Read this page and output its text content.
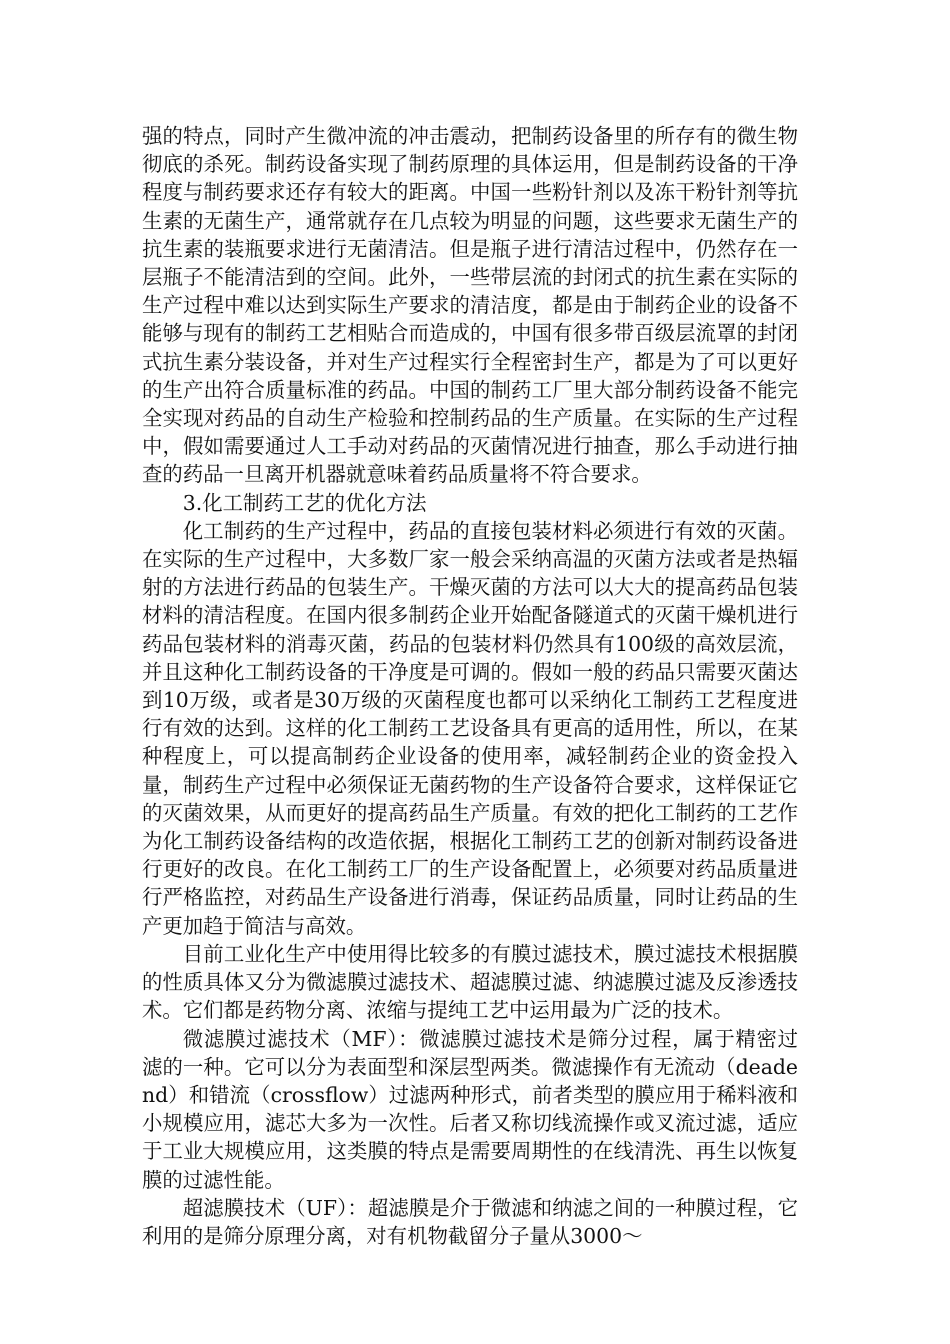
强的特点，同时产生微冲流的冲击震动，把制药设备里的所存有的微生物彻底的杀死。制药设备实现了制药原理的具体运用，但是制药设备的干净程度与制药要求还存有较大的距离。中国一些粉针剂以及冻干粉针剂等抗生素的无菌生产，通常就存在几点较为明显的问题，这些要求无菌生产的抗生素的装瓶要求进行无菌清洁。但是瓶子进行清洁过程中，仍然存在一层瓶子不能清洁到的空间。此外，一些带层流的封闭式的抗生素在实际的生产过程中难以达到实际生产要求的清洁度，都是由于制药企业的设备不能够与现有的制药工艺相贴合而造成的，中国有很多带百级层流罩的封闭式抗生素分装设备，并对生产过程实行全程密封生产，都是为了可以更好的生产出符合质量标准的药品。中国的制药工厂里大部分制药设备不能完全实现对药品的自动生产检验和控制药品的生产质量。在实际的生产过程中，假如需要通过人工手动对药品的灭菌情况进行抽查，那么手动进行抽查的药品一旦离开机器就意味着药品质量将不符合要求。

3.化工制药工艺的优化方法

化工制药的生产过程中，药品的直接包装材料必须进行有效的灭菌。在实际的生产过程中，大多数厂家一般会采纳高温的灭菌方法或者是热辐射的方法进行药品的包装生产。干燥灭菌的方法可以大大的提高药品包装材料的清洁程度。在国内很多制药企业开始配备隧道式的灭菌干燥机进行药品包装材料的消毒灭菌，药品的包装材料仍然具有100级的高效层流，并且这种化工制药设备的干净度是可调的。假如一般的药品只需要灭菌达到10万级，或者是30万级的灭菌程度也都可以采纳化工制药工艺程度进行有效的达到。这样的化工制药工艺设备具有更高的适用性，所以，在某种程度上，可以提高制药企业设备的使用率，减轻制药企业的资金投入量，制药生产过程中必须保证无菌药物的生产设备符合要求，这样保证它的灭菌效果，从而更好的提高药品生产质量。有效的把化工制药的工艺作为化工制药设备结构的改造依据，根据化工制药工艺的创新对制药设备进行更好的改良。在化工制药工厂的生产设备配置上，必须要对药品质量进行严格监控，对药品生产设备进行消毒，保证药品质量，同时让药品的生产更加趋于简洁与高效。

目前工业化生产中使用得比较多的有膜过滤技术，膜过滤技术根据膜的性质具体又分为微滤膜过滤技术、超滤膜过滤、纳滤膜过滤及反渗透技术。它们都是药物分离、浓缩与提纯工艺中运用最为广泛的技术。

微滤膜过滤技术（MF）：微滤膜过滤技术是筛分过程，属于精密过滤的一种。它可以分为表面型和深层型两类。微滤操作有无流动（deadend）和错流（crossflow）过滤两种形式，前者类型的膜应用于稀料液和小规模应用，滤芯大多为一次性。后者又称切线流操作或叉流过滤，适应于工业大规模应用，这类膜的特点是需要周期性的在线清洗、再生以恢复膜的过滤性能。

超滤膜技术（UF）：超滤膜是介于微滤和纳滤之间的一种膜过程，它利用的是筛分原理分离，对有机物截留分子量从3000～
